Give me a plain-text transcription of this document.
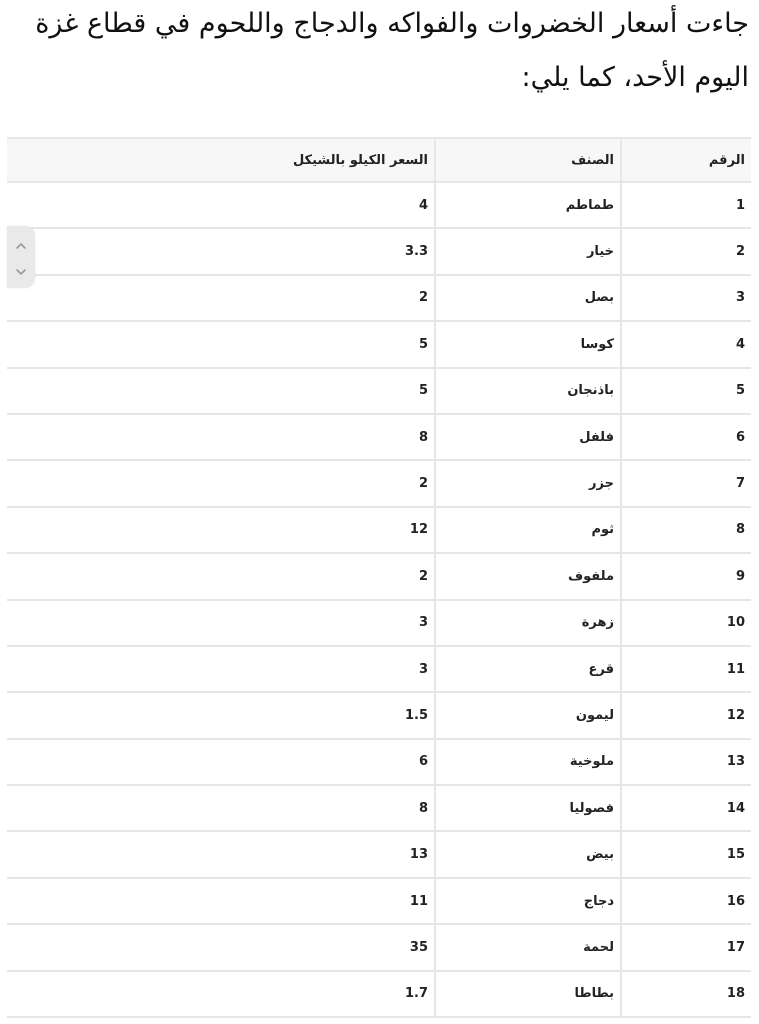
جاءت أسعار الخضروات والفواكه والدجاج واللحوم في قطاع غزة
اليوم الأحد، كما يلي:
الرقم	الصنف	السعر الكيلو بالشيكل
1	طماطم	4
2	خيار	3.3
3	بصل	2
4	كوسا	5
5	باذنجان	5
6	فلفل	8
7	جزر	2
8	ثوم	12
9	ملفوف	2
10	زهرة	3
11	قرع	3
12	ليمون	1.5
13	ملوخية	6
14	فصوليا	8
15	بيض	13
16	دجاج	11
17	لحمة	35
18	بطاطا	1.7
